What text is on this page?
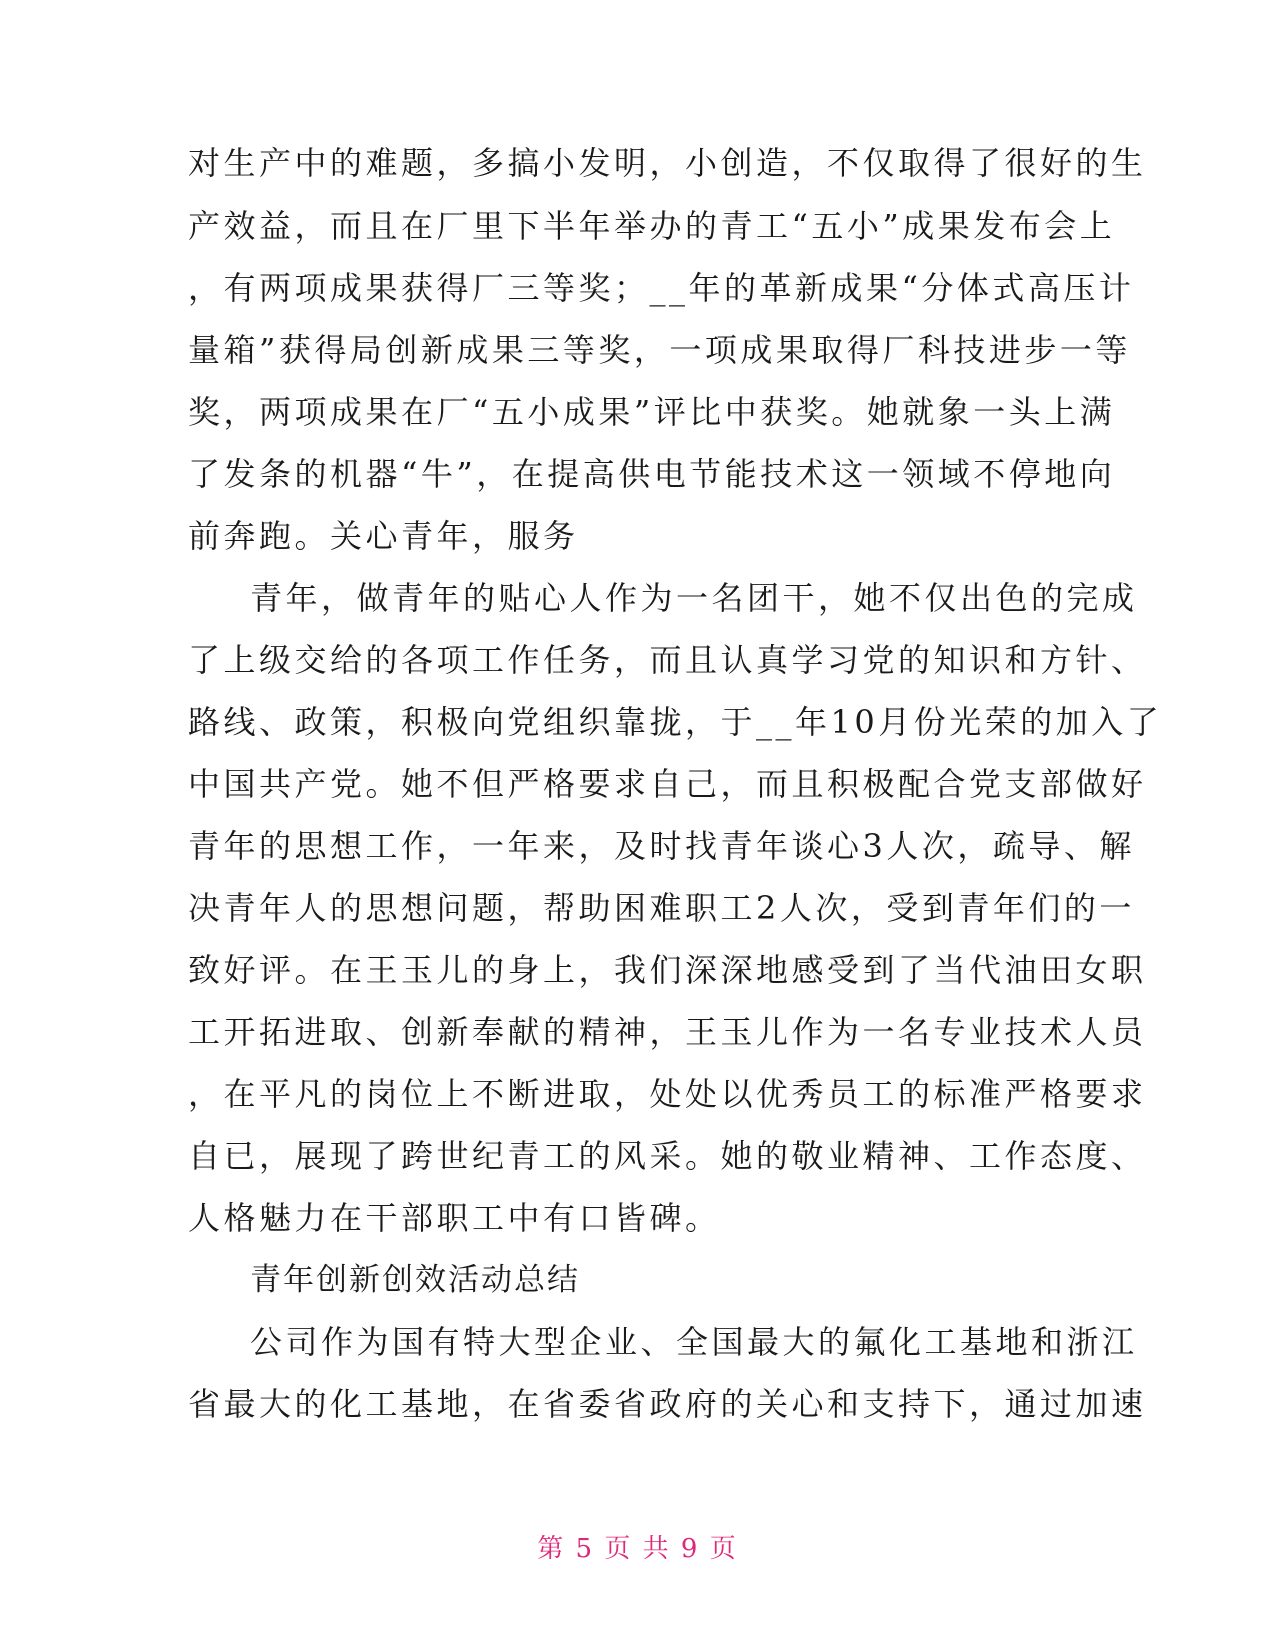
对生产中的难题，多搞小发明，小创造，不仅取得了很好的生
产效益，而且在厂里下半年举办的青工“五小”成果发布会上
，有两项成果获得厂三等奖；__年的革新成果“分体式高压计
量箱”获得局创新成果三等奖，一项成果取得厂科技进步一等
奖，两项成果在厂“五小成果”评比中获奖。她就象一头上满
了发条的机器“牛”，在提高供电节能技术这一领域不停地向
前奔跑。关心青年，服务
青年，做青年的贴心人作为一名团干，她不仅出色的完成
了上级交给的各项工作任务，而且认真学习党的知识和方针、
路线、政策，积极向党组织靠拢，于__年10月份光荣的加入了
中国共产党。她不但严格要求自己，而且积极配合党支部做好
青年的思想工作，一年来，及时找青年谈心3人次，疏导、解
决青年人的思想问题，帮助困难职工2人次，受到青年们的一
致好评。在王玉儿的身上，我们深深地感受到了当代油田女职
工开拓进取、创新奉献的精神，王玉儿作为一名专业技术人员
，在平凡的岗位上不断进取，处处以优秀员工的标准严格要求
自已，展现了跨世纪青工的风采。她的敬业精神、工作态度、
人格魅力在干部职工中有口皆碑。
青年创新创效活动总结
公司作为国有特大型企业、全国最大的氟化工基地和浙江
省最大的化工基地，在省委省政府的关心和支持下，通过加速
第 5 页 共 9 页
